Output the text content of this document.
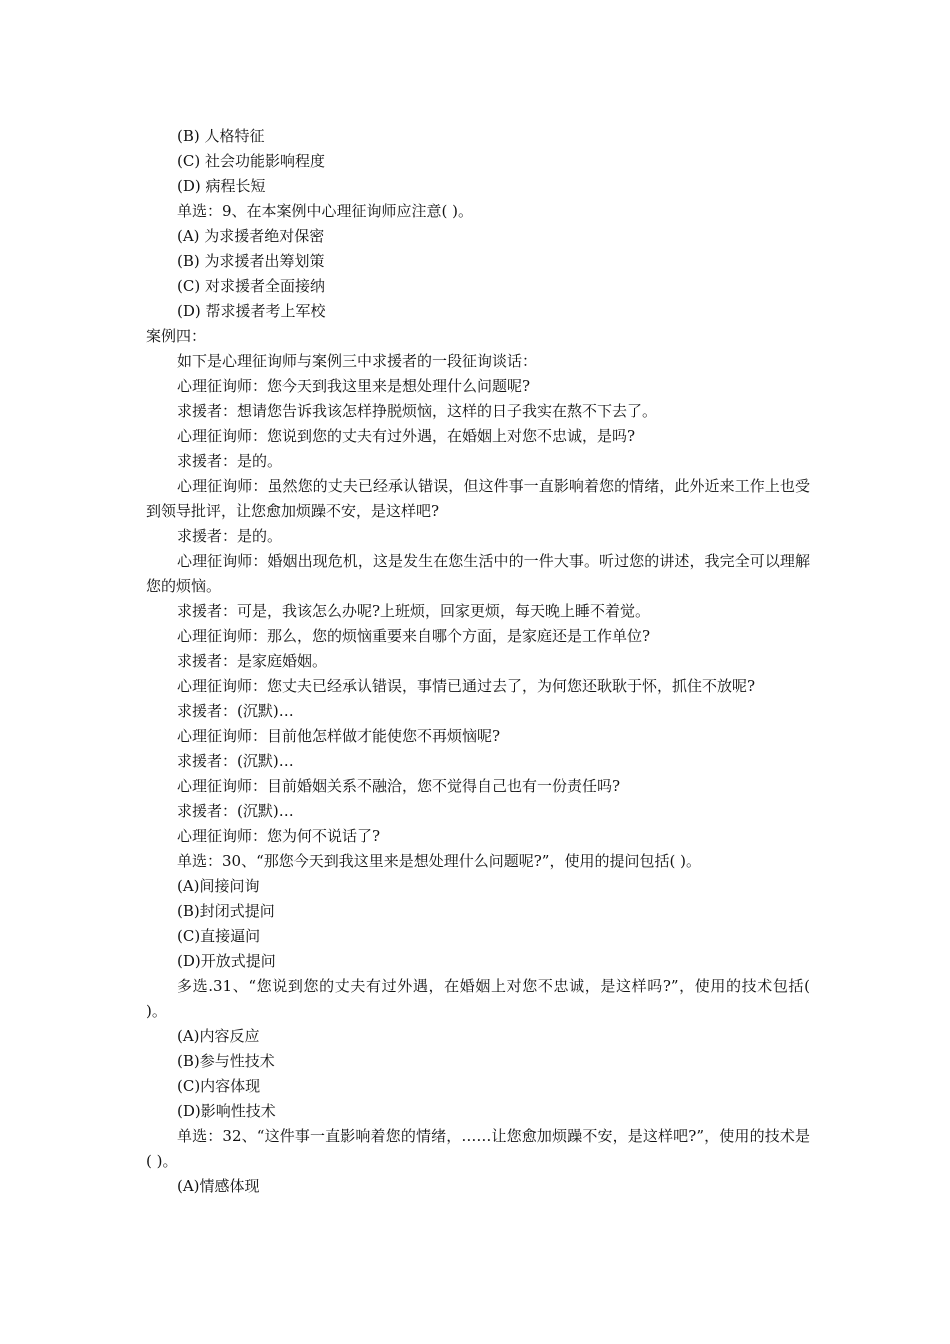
(B) 人格特征

(C) 社会功能影响程度

(D) 病程长短

单选：9、在本案例中心理征询师应注意( )。

(A) 为求援者绝对保密

(B) 为求援者出筹划策

(C) 对求援者全面接纳

(D) 帮求援者考上军校

案例四：

如下是心理征询师与案例三中求援者的一段征询谈话：

心理征询师：您今天到我这里来是想处理什么问题呢?

求援者：想请您告诉我该怎样挣脱烦恼，这样的日子我实在熬不下去了。

心理征询师：您说到您的丈夫有过外遇，在婚姻上对您不忠诚，是吗?

求援者：是的。

心理征询师：虽然您的丈夫已经承认错误，但这件事一直影响着您的情绪，此外近来工作上也受到领导批评，让您愈加烦躁不安，是这样吧?

求援者：是的。

心理征询师：婚姻出现危机，这是发生在您生活中的一件大事。听过您的讲述，我完全可以理解您的烦恼。

求援者：可是，我该怎么办呢?上班烦，回家更烦，每天晚上睡不着觉。

心理征询师：那么，您的烦恼重要来自哪个方面，是家庭还是工作单位?

求援者：是家庭婚姻。

心理征询师：您丈夫已经承认错误，事情已通过去了，为何您还耿耿于怀，抓住不放呢?

求援者：(沉默)…

心理征询师：目前他怎样做才能使您不再烦恼呢?

求援者：(沉默)…

心理征询师：目前婚姻关系不融洽，您不觉得自己也有一份责任吗?

求援者：(沉默)…

心理征询师：您为何不说话了?

单选：30、“那您今天到我这里来是想处理什么问题呢?”，使用的提问包括( )。

(A)间接问询

(B)封闭式提问

(C)直接逼问

(D)开放式提问

多选.31、“您说到您的丈夫有过外遇，在婚姻上对您不忠诚，是这样吗?”，使用的技术包括( )。

(A)内容反应

(B)参与性技术

(C)内容体现

(D)影响性技术

单选：32、“这件事一直影响着您的情绪，……让您愈加烦躁不安，是这样吧?”，使用的技术是( )。

(A)情感体现
